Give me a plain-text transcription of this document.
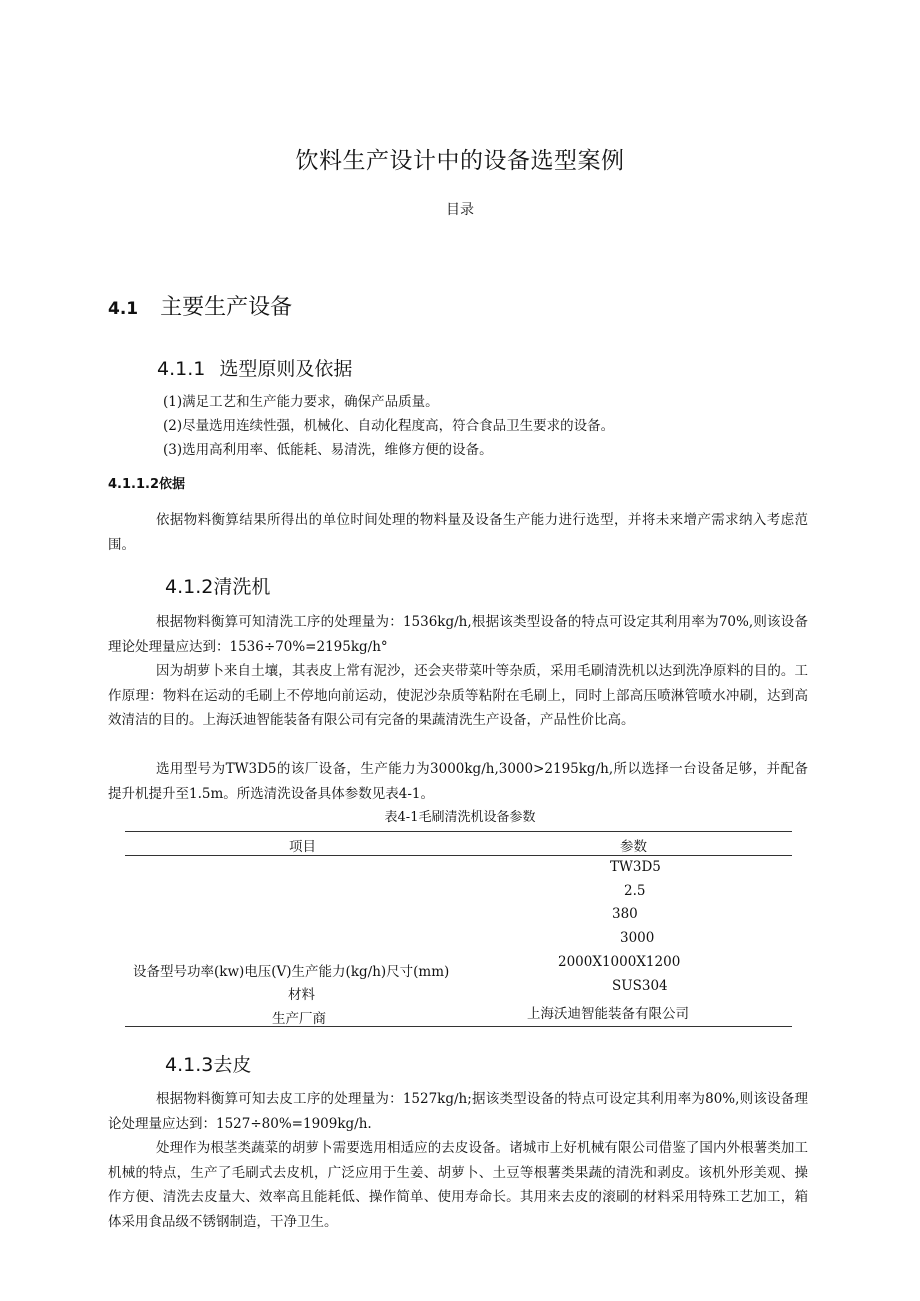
饮料生产设计中的设备选型案例
目录
4.1 主要生产设备
4.1.1 选型原则及依据
(1)满足工艺和生产能力要求，确保产品质量。
(2)尽量选用连续性强，机械化、自动化程度高，符合食品卫生要求的设备。
(3)选用高利用率、低能耗、易清洗，维修方便的设备。
4.1.1.2依据
依据物料衡算结果所得出的单位时间处理的物料量及设备生产能力进行选型，并将未来增产需求纳入考虑范围。
4.1.2清洗机
根据物料衡算可知清洗工序的处理量为：1536kg∕h,根据该类型设备的特点可设定其利用率为70%,则该设备理论处理量应达到：1536÷70%=2195kg∕h°
因为胡萝卜来自土壤，其表皮上常有泥沙，还会夹带菜叶等杂质，采用毛刷清洗机以达到洗净原料的目的。工作原理：物料在运动的毛刷上不停地向前运动，使泥沙杂质等粘附在毛刷上，同时上部高压喷淋管喷水冲刷，达到高效清洁的目的。上海沃迪智能装备有限公司有完备的果蔬清洗生产设备，产品性价比高。
选用型号为TW3D5的该厂设备，生产能力为3000kg∕h,3000>2195kg∕h,所以选择一台设备足够，并配备提升机提升至1.5m。所选清洗设备具体参数见表4-1。
表4-1毛刷清洗机设备参数
项目	参数
设备型号功率(kw)电压(V)生产能力(kg∕h)尺寸(mm)
材料
生产厂商
TW3D5
2.5
380
3000
2000X1000X1200
SUS304
上海沃迪智能装备有限公司
4.1.3去皮
根据物料衡算可知去皮工序的处理量为：1527kg∕h;据该类型设备的特点可设定其利用率为80%,则该设备理论处理量应达到：1527÷80%=1909kg∕h.
处理作为根茎类蔬菜的胡萝卜需要选用相适应的去皮设备。诸城市上好机械有限公司借鉴了国内外根薯类加工机械的特点，生产了毛刷式去皮机，广泛应用于生姜、胡萝卜、土豆等根薯类果蔬的清洗和剥皮。该机外形美观、操作方便、清洗去皮量大、效率高且能耗低、操作简单、使用寿命长。其用来去皮的滚刷的材料采用特殊工艺加工，箱体采用食品级不锈钢制造，干净卫生。
